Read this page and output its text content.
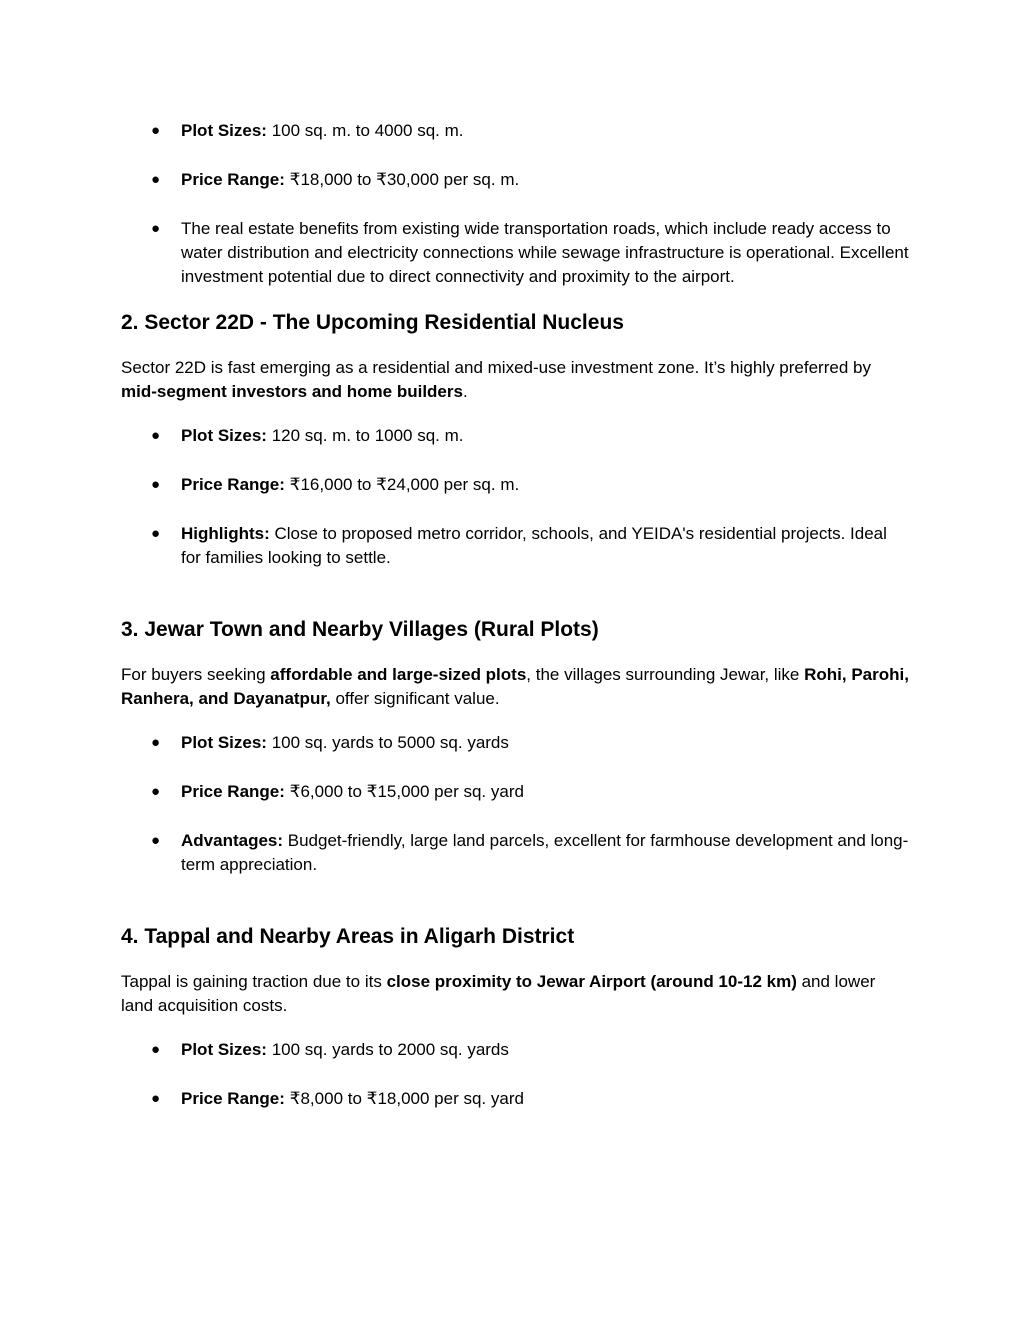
● Plot Sizes: 100 sq. m. to 4000 sq. m.
● Price Range: ₹18,000 to ₹30,000 per sq. m.
● The real estate benefits from existing wide transportation roads, which include ready access to water distribution and electricity connections while sewage infrastructure is operational. Excellent investment potential due to direct connectivity and proximity to the airport.
2. Sector 22D - The Upcoming Residential Nucleus

Sector 22D is fast emerging as a residential and mixed-use investment zone. It’s highly preferred by mid-segment investors and home builders.

● Plot Sizes: 120 sq. m. to 1000 sq. m.
● Price Range: ₹16,000 to ₹24,000 per sq. m.
● Highlights: Close to proposed metro corridor, schools, and YEIDA's residential projects. Ideal for families looking to settle.
3. Jewar Town and Nearby Villages (Rural Plots)

For buyers seeking affordable and large-sized plots, the villages surrounding Jewar, like Rohi, Parohi, Ranhera, and Dayanatpur, offer significant value.

● Plot Sizes: 100 sq. yards to 5000 sq. yards
● Price Range: ₹6,000 to ₹15,000 per sq. yard
● Advantages: Budget-friendly, large land parcels, excellent for farmhouse development and long-term appreciation.
4. Tappal and Nearby Areas in Aligarh District

Tappal is gaining traction due to its close proximity to Jewar Airport (around 10-12 km) and lower land acquisition costs.

● Plot Sizes: 100 sq. yards to 2000 sq. yards
● Price Range: ₹8,000 to ₹18,000 per sq. yard
